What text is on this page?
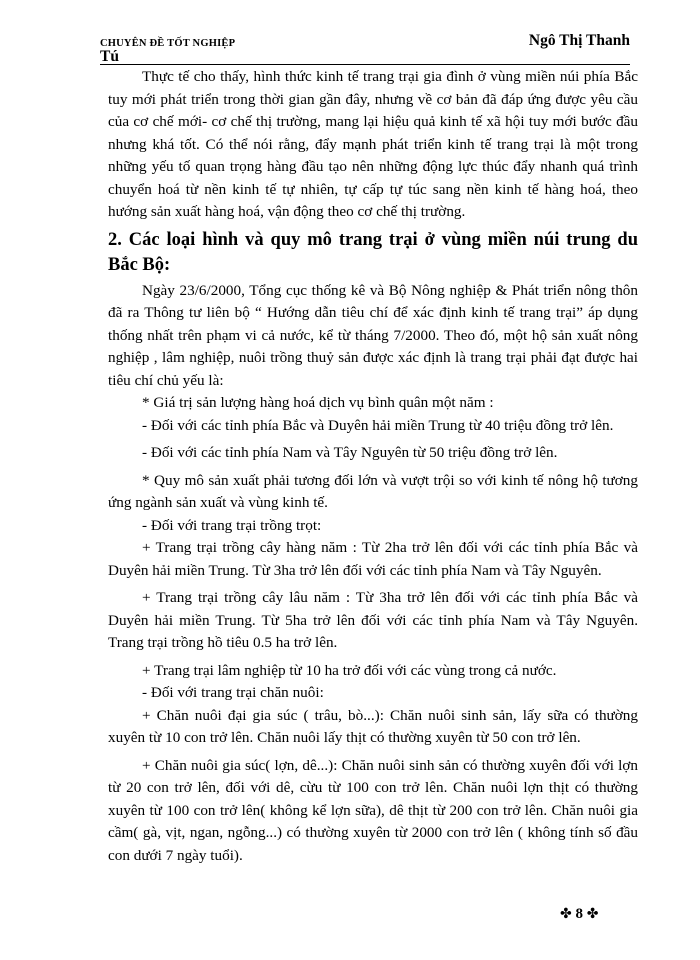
CHUYÊN ĐỀ TỐT NGHIỆP	Ngô Thị Thanh
Tú

Thực tế cho thấy, hình thức kinh tế trang trại gia đình ở vùng miền núi phía Bắc tuy mới phát triển trong thời gian gần đây, nhưng về cơ bản đã đáp ứng được yêu cầu của cơ chế mới- cơ chế thị trường, mang lại hiệu quả kinh tế xã hội tuy mới bước đầu nhưng khá tốt. Có thể nói rằng, đẩy mạnh phát triển kinh tế trang trại là một trong những yếu tố quan trọng hàng đầu tạo nên những động lực thúc đẩy nhanh quá trình chuyển hoá từ nền kinh tế tự nhiên, tự cấp tự túc sang nền kinh tế hàng hoá, theo hướng sản xuất hàng hoá, vận động theo cơ chế thị trường.

2. Các loại hình và quy mô trang trại ở vùng miền núi trung du Bắc Bộ:

Ngày 23/6/2000, Tổng cục thống kê và Bộ Nông nghiệp & Phát triển nông thôn đã ra Thông tư liên bộ “ Hướng dẫn tiêu chí để xác định kinh tế trang trại” áp dụng thống nhất trên phạm vi cả nước, kể từ tháng 7/2000. Theo đó, một hộ sản xuất nông nghiệp , lâm nghiệp, nuôi trồng thuỷ sản được xác định là trang trại phải đạt được hai tiêu chí chủ yếu là:

* Giá trị sản lượng hàng hoá dịch vụ bình quân một năm :

- Đối với các tỉnh phía Bắc và Duyên hải miền Trung từ 40 triệu đồng trở lên.

- Đối với các tỉnh phía Nam và Tây Nguyên từ 50 triệu đồng trở lên.

* Quy mô sản xuất phải tương đối lớn và vượt trội so với kinh tế nông hộ tương ứng ngành sản xuất và vùng kinh tế.

- Đối với trang trại trồng trọt:

+ Trang trại trồng cây hàng năm : Từ 2ha trở lên đối với các tỉnh phía Bắc và Duyên hải miền Trung. Từ 3ha trở lên đối với các tỉnh phía Nam và Tây Nguyên.

+ Trang trại trồng cây lâu năm : Từ 3ha trở lên đối với các tỉnh phía Bắc và Duyên hải miền Trung. Từ 5ha trở lên đối với các tỉnh phía Nam và Tây Nguyên. Trang trại trồng hồ tiêu 0.5 ha trở lên.

+ Trang trại lâm nghiệp từ 10 ha trở đối với các vùng trong cả nước.

- Đối với trang trại chăn nuôi:

+ Chăn nuôi đại gia súc ( trâu, bò...): Chăn nuôi sinh sản, lấy sữa có thường xuyên từ 10 con trở lên. Chăn nuôi lấy thịt có thường xuyên từ 50 con trở lên.

+ Chăn nuôi gia súc( lợn, dê...): Chăn nuôi sinh sản có thường xuyên đối với lợn từ 20 con trở lên, đối với dê, cừu từ 100 con trở lên. Chăn nuôi lợn thịt có thường xuyên từ 100 con trở lên( không kể lợn sữa), dê thịt từ 200 con trở lên. Chăn nuôi gia cầm( gà, vịt, ngan, ngỗng...) có thường xuyên từ 2000 con trở lên ( không tính số đầu con dưới 7 ngày tuổi).

✤ 8 ✤
